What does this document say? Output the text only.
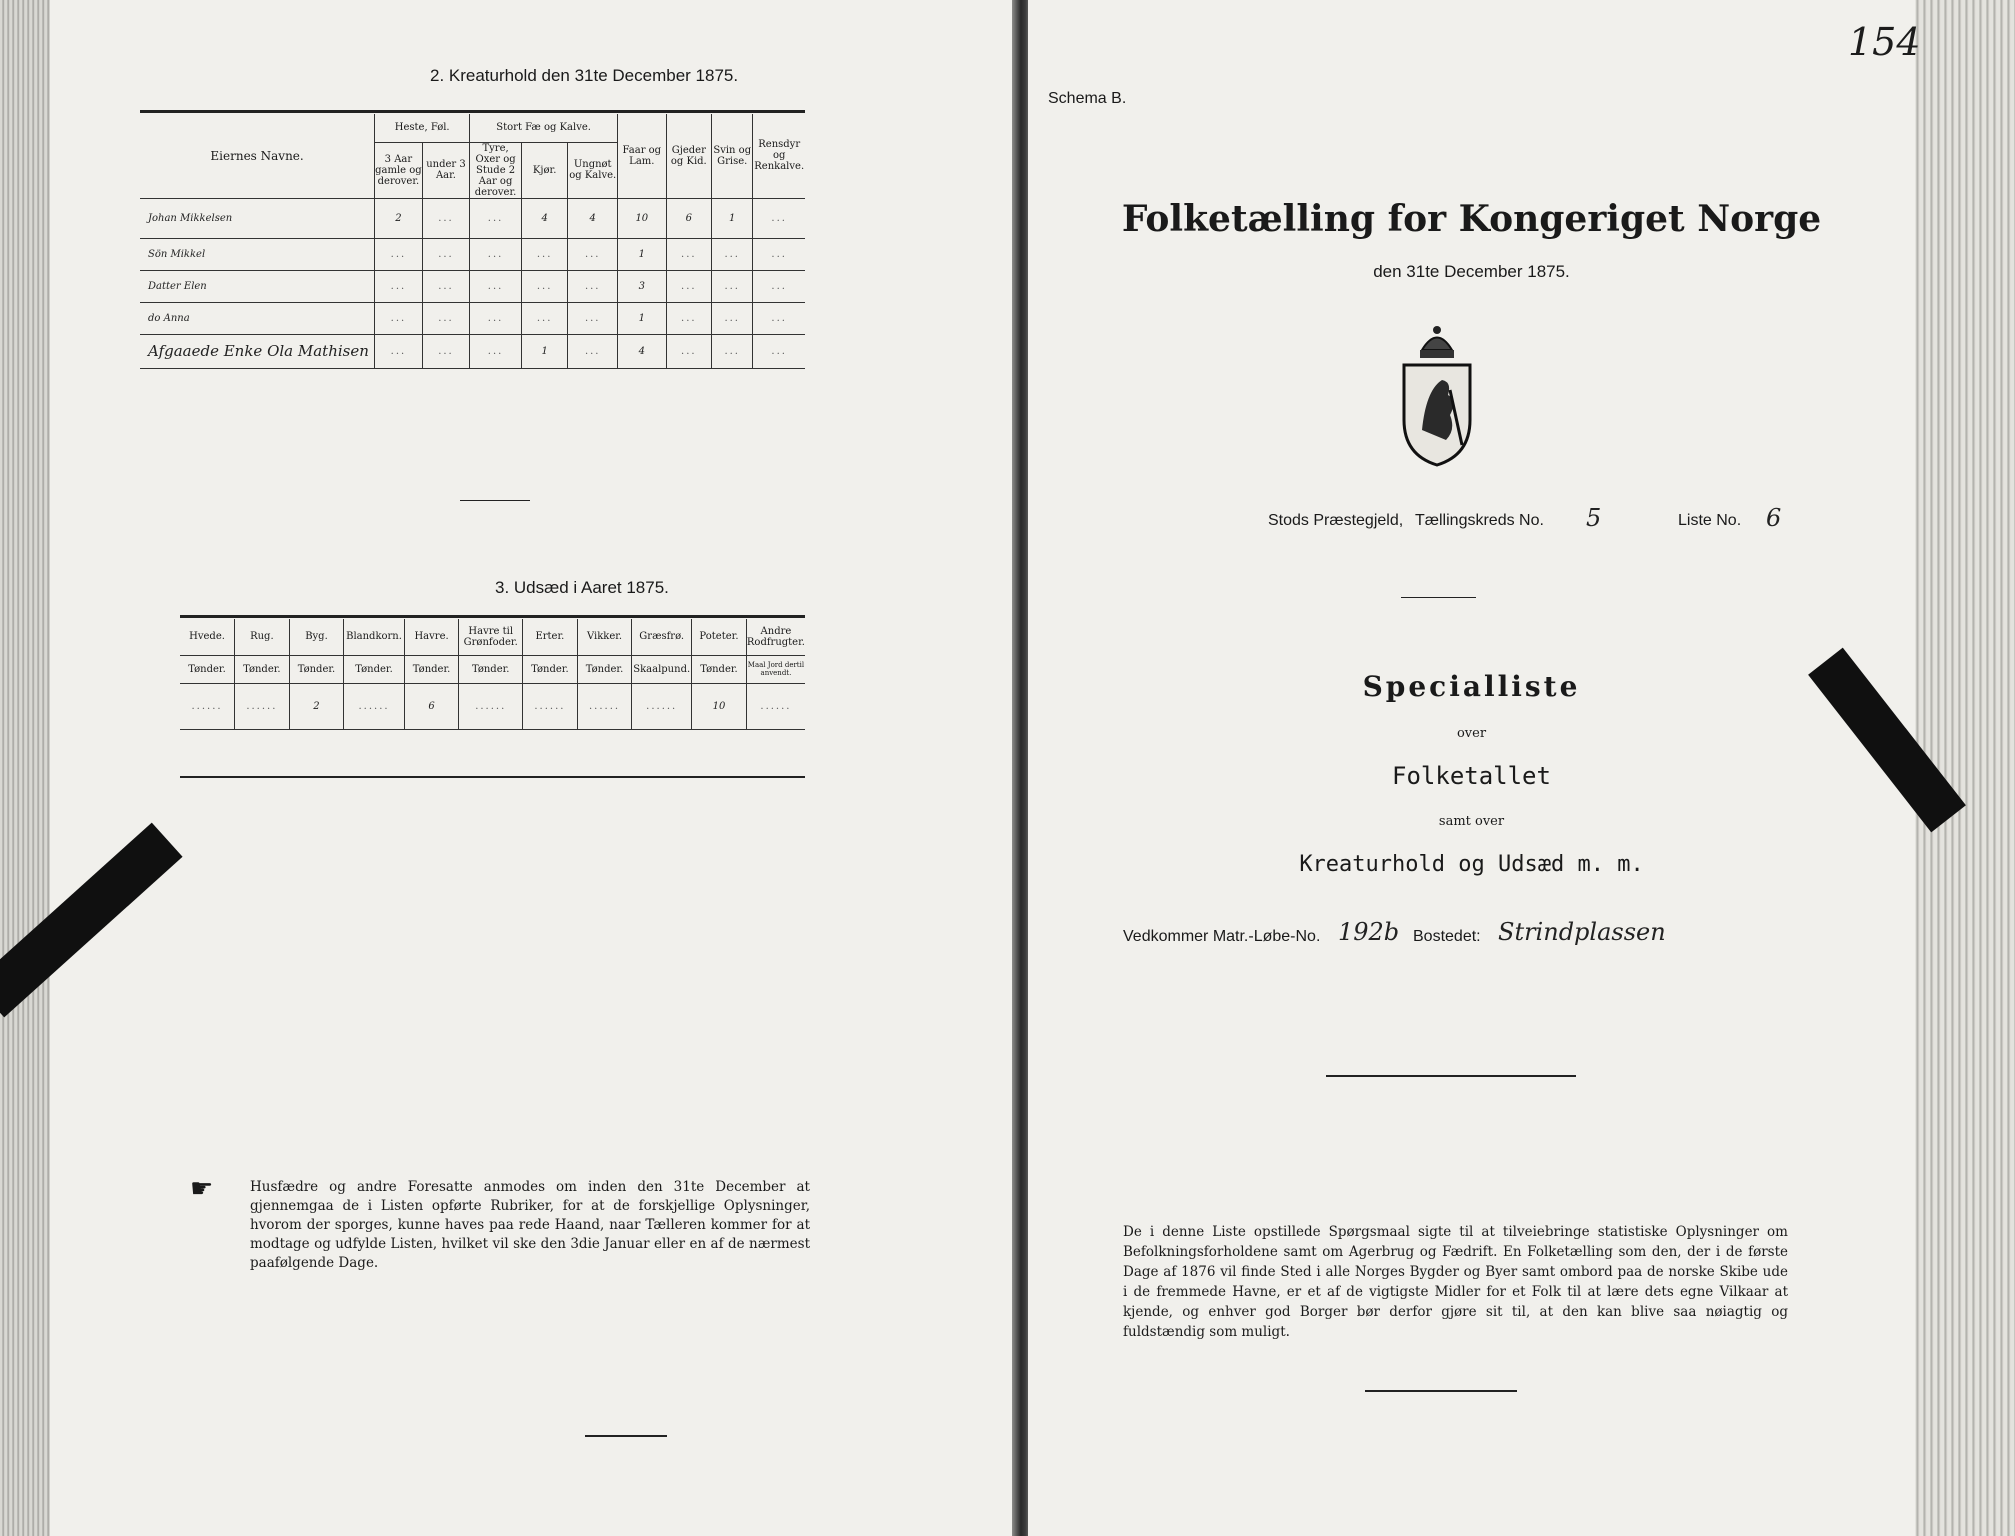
2. Kreaturhold den 31te December 1875.
Eiernes Navne.	Heste, Føl.		Stort Fæ og Kalve.			Faar og Lam.	Gjeder og Kid.	Svin og Grise.	Rensdyr og Renkalve.
	3 Aar gamle og derover.	under 3 Aar.	Tyre, Oxer og Stude 2 Aar og derover.	Kjør.	Ungnøt og Kalve.				
Johan Mikkelsen	2	...	...	4	4	10	6	1	...
Sön Mikkel	...	...	...	...	...	1	...	...	...
Datter Elen	...	...	...	...	...	3	...	...	...
do Anna	...	...	...	...	...	1	...	...	...
Afgaaede Enke Ola Mathisen	...	...	...	1	...	4	...	...	...
3. Udsæd i Aaret 1875.
Hvede.	Rug.	Byg.	Blandkorn.	Havre.	Havre til Grønfoder.	Erter.	Vikker.	Græsfrø.	Poteter.	Andre Rodfrugter.
Tønder.	Tønder.	Tønder.	Tønder.	Tønder.	Tønder.	Tønder.	Tønder.	Skaalpund.	Tønder.	Maal Jord dertil anvendt.
......	......	2	......	6	......	......	......	......	10	......
☛	Husfædre og andre Foresatte anmodes om inden den 31te December at gjennemgaa de i Listen opførte Rubriker, for at de forskjellige Oplysninger, hvorom der sporges, kunne haves paa rede Haand, naar Tælleren kommer for at modtage og udfylde Listen, hvilket vil ske den 3die Januar eller en af de nærmest paafølgende Dage.
Schema B.
154
Folketælling for Kongeriget Norge
den 31te December 1875.
Stods Præstegjeld, Tællingskreds No. 5	Liste No. 6
Specialliste
over
Folketallet
samt over
Kreaturhold og Udsæd m. m.
Vedkommer Matr.-Løbe-No. 192b Bostedet: Strindplassen
De i denne Liste opstillede Spørgsmaal sigte til at tilveiebringe statistiske Oplysninger om Befolkningsforholdene samt om Agerbrug og Fædrift. En Folketælling som den, der i de første Dage af 1876 vil finde Sted i alle Norges Bygder og Byer samt ombord paa de norske Skibe ude i de fremmede Havne, er et af de vigtigste Midler for et Folk til at lære dets egne Vilkaar at kjende, og enhver god Borger bør derfor gjøre sit til, at den kan blive saa nøiagtig og fuldstændig som muligt.
